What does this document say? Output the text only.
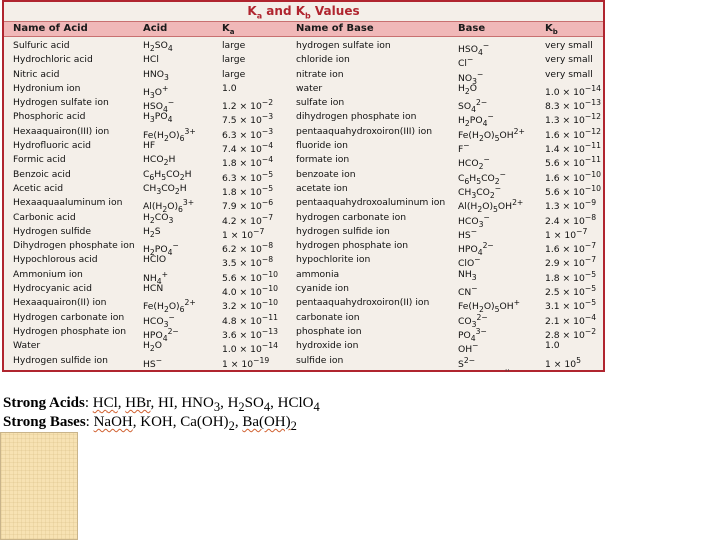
$K_a$ and $K_b$ Values
Name of Acid	Acid	$K_a$	Name of Base	Base	$K_b$
Sulfuric acid	$H_2SO_4$	large	hydrogen sulfate ion	$HSO_4^-$	very small
Hydrochloric acid	HCl	large	chloride ion	Cl−	very small
Nitric acid	$HNO_3$	large	nitrate ion	$NO_3^-$	very small
Hydronium ion	$H_3O^+$	1.0	water	$H_2O$	$1.0 \times 10^{-14}$
Hydrogen sulfate ion	$HSO_4^-$	$1.2 \times 10^{-2}$ sulfate ion	$SO_4^{2-}$	$8.3 \times 10^{-13}$
Phosphoric acid	$H_3PO_4$	$7.5 \times 10^{-3}$ dihydrogen phosphate ion	$H_2PO_4^-$	$1.3 \times 10^{-12}$
Hexaaquairon(III) ion	$Fe(H_2O)_6^{3+}$	$6.3 \times 10^{-3}$ pentaaquahydroxoiron(III) ion	$Fe(H_2O)_5OH^{2+}$ $1.6 \times 10^{-12}$
Hydrofluoric acid	HF	$7.4 \times 10^{-4}$ fluoride ion	F−	$1.4 \times 10^{-11}$
Formic acid	$HCO_2H$	$1.8 \times 10^{-4}$ formate ion	$HCO_2^-$	$5.6 \times 10^{-11}$
Benzoic acid	$C_6H_5CO_2H$	$6.3 \times 10^{-5}$ benzoate ion	$C_6H_5CO_2^-$	$1.6 \times 10^{-10}$
Acetic acid	$CH_3CO_2H$	$1.8 \times 10^{-5}$ acetate ion	$CH_3CO_2^-$	$5.6 \times 10^{-10}$
Hexaaquaaluminum ion $Al(H_2O)_6^{3+}$	$7.9 \times 10^{-6}$ pentaaquahydroxoaluminum ion $Al(H_2O)_5OH^{2+}$ $1.3 \times 10^{-9}$
Carbonic acid	$H_2CO_3$	$4.2 \times 10^{-7}$ hydrogen carbonate ion	$HCO_3^-$	$2.4 \times 10^{-8}$
Hydrogen sulfide	$H_2S$	$1 \times 10^{-7}$	hydrogen sulfide ion	HS−	$1 \times 10^{-7}$
Dihydrogen phosphate ion $H_2PO_4^-$	$6.2 \times 10^{-8}$ hydrogen phosphate ion	$HPO_4^{2-}$	$1.6 \times 10^{-7}$
Hypochlorous acid	HClO	$3.5 \times 10^{-8}$ hypochlorite ion	ClO−	$2.9 \times 10^{-7}$
Ammonium ion	$NH_4^+$	$5.6 \times 10^{-10}$ ammonia	$NH_3$	$1.8 \times 10^{-5}$
Hydrocyanic acid	HCN	$4.0 \times 10^{-10}$ cyanide ion	CN−	$2.5 \times 10^{-5}$
Hexaaquairon(II) ion	$Fe(H_2O)_6^{2+}$	$3.2 \times 10^{-10}$ pentaaquahydroxoiron(II) ion	$Fe(H_2O)_5OH^+$	$3.1 \times 10^{-5}$
Hydrogen carbonate ion $HCO_3^-$	$4.8 \times 10^{-11}$ carbonate ion	$CO_3^{2-}$	$2.1 \times 10^{-4}$
Hydrogen phosphate ion $HPO_4^{2-}$	$3.6 \times 10^{-13}$ phosphate ion	$PO_4^{3-}$	$2.8 \times 10^{-2}$
Water	$H_2O$	$1.0 \times 10^{-14}$ hydroxide ion	OH−	1.0
Hydrogen sulfide ion	HS−	$1 \times 10^{-19}$	sulfide ion	$S^{2-}$	$1 \times 10^5$
''
Strong Acids: HCl, HBr, HI, $HNO_3$, $H_2SO_4$, HClO$_4$
Strong Bases: NaOH, KOH, $Ca(OH)_2$, $Ba(OH)_2$
